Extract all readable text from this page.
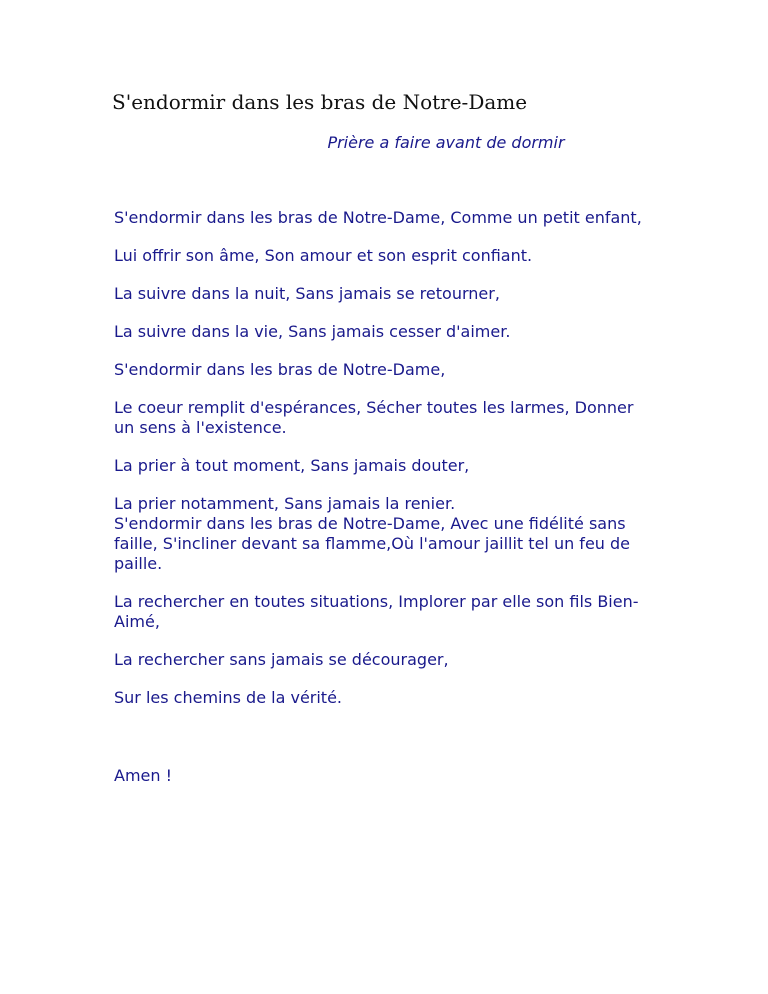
S'endormir dans les bras de Notre-Dame

Prière a faire avant de dormir

S'endormir dans les bras de Notre-Dame, Comme un petit enfant,

Lui offrir son âme, Son amour et son esprit confiant.

La suivre dans la nuit, Sans jamais se retourner,

La suivre dans la vie, Sans jamais cesser d'aimer.

S'endormir dans les bras de Notre-Dame,

Le coeur remplit d'espérances, Sécher toutes les larmes, Donner un sens à l'existence.

La prier à tout moment, Sans jamais douter,

La prier notamment, Sans jamais la renier.

S'endormir dans les bras de Notre-Dame, Avec une fidélité sans faille, S'incliner devant sa flamme,Où l'amour jaillit tel un feu de paille.

La rechercher en toutes situations, Implorer par elle son fils Bien- Aimé,

La rechercher sans jamais se décourager,

Sur les chemins de la vérité.

Amen !
